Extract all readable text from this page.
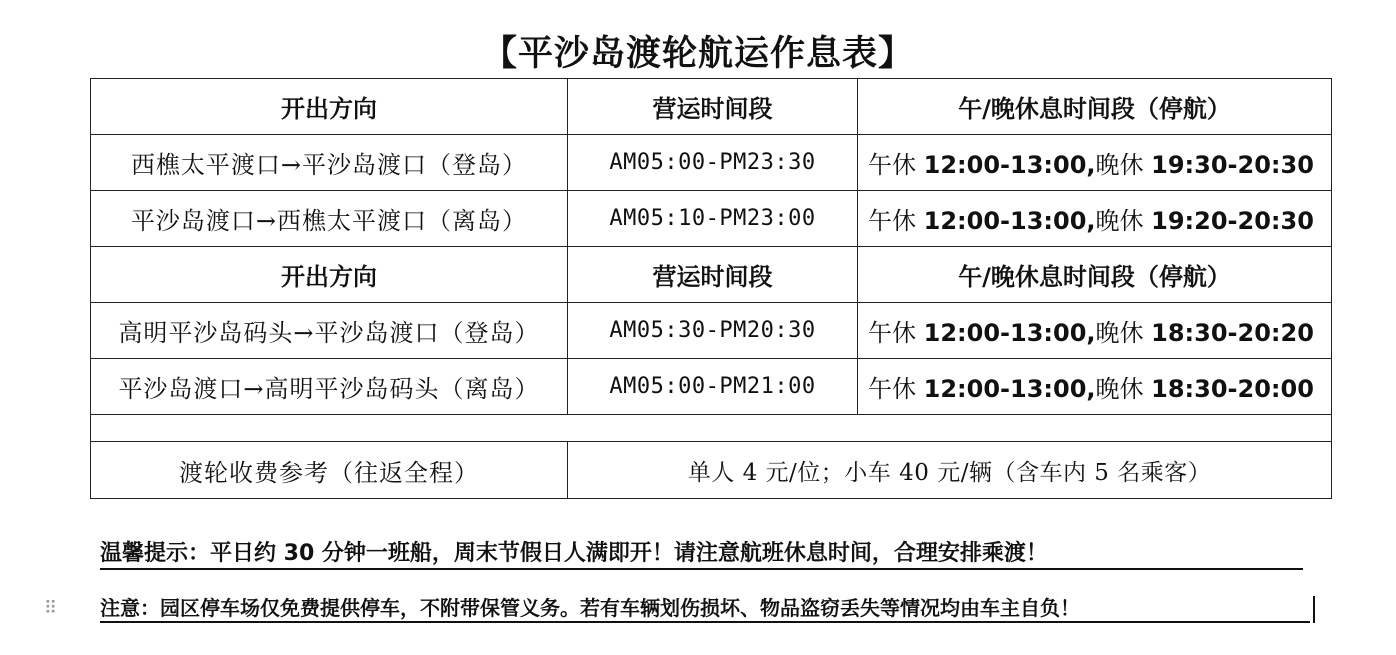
【平沙岛渡轮航运作息表】
开出方向	营运时间段	午/晚休息时间段（停航）
西樵太平渡口→平沙岛渡口（登岛）	AM05:00-PM23:30	午休 12:00-13:00,晚休 19:30-20:30
平沙岛渡口→西樵太平渡口（离岛）	AM05:10-PM23:00	午休 12:00-13:00,晚休 19:20-20:30
开出方向	营运时间段	午/晚休息时间段（停航）
高明平沙岛码头→平沙岛渡口（登岛）	AM05:30-PM20:30	午休 12:00-13:00,晚休 18:30-20:20
平沙岛渡口→高明平沙岛码头（离岛）	AM05:00-PM21:00	午休 12:00-13:00,晚休 18:30-20:00

渡轮收费参考（往返全程）	单人 4 元/位；小车 40 元/辆（含车内 5 名乘客）	
温馨提示：平日约 30 分钟一班船，周末节假日人满即开！请注意航班休息时间，合理安排乘渡！
⠿ 注意：园区停车场仅免费提供停车，不附带保管义务。若有车辆划伤损坏、物品盗窃丢失等情况均由车主自负！
